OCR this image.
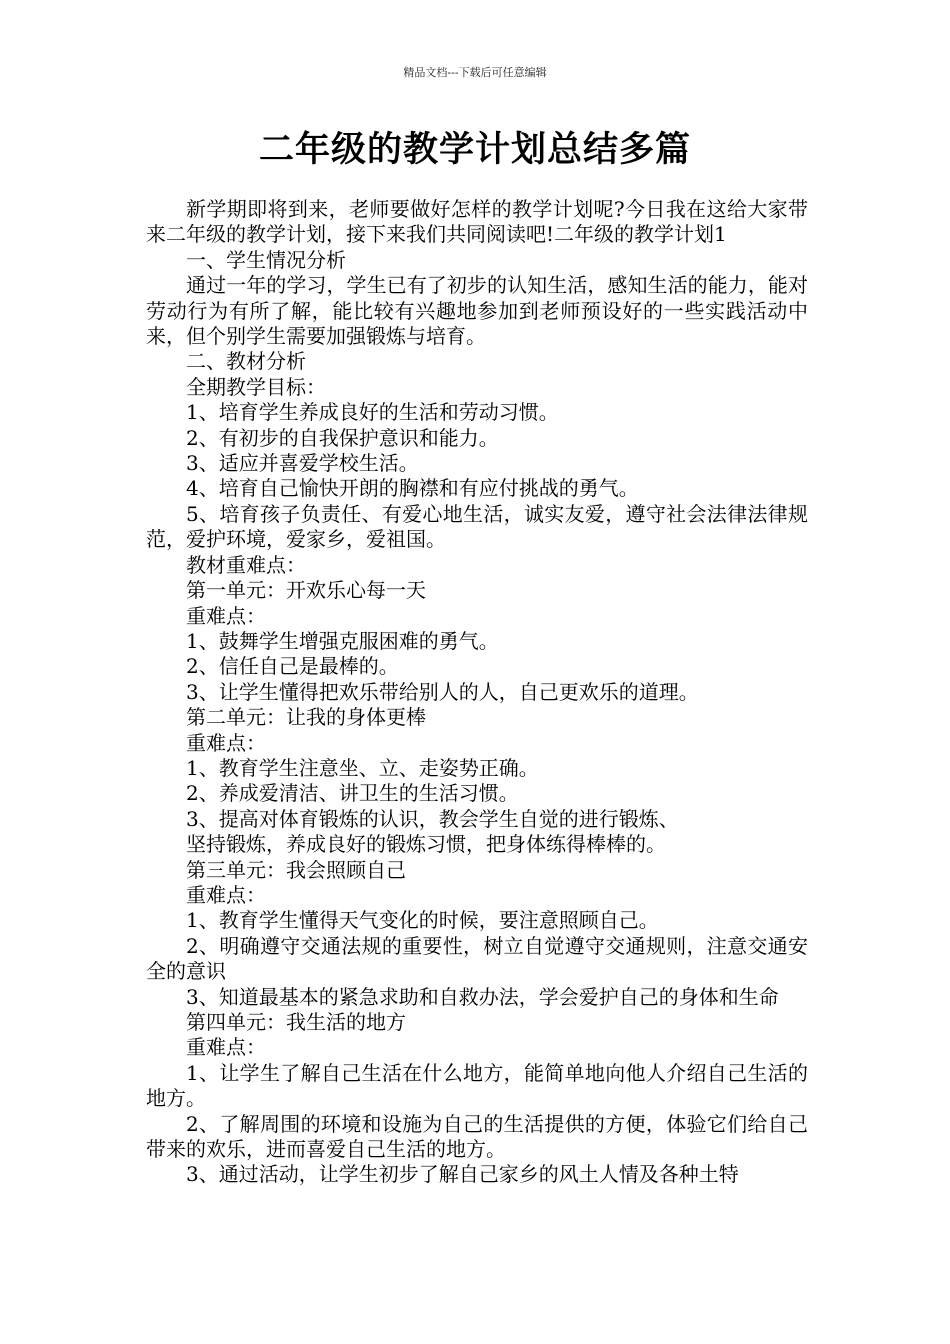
精品文档---下载后可任意编辑
二年级的教学计划总结多篇

新学期即将到来，老师要做好怎样的教学计划呢?今日我在这给大家带来二年级的教学计划，接下来我们共同阅读吧!二年级的教学计划1

一、学生情况分析

通过一年的学习，学生已有了初步的认知生活，感知生活的能力，能对劳动行为有所了解，能比较有兴趣地参加到老师预设好的一些实践活动中来，但个别学生需要加强锻炼与培育。

二、教材分析

全期教学目标：

1、培育学生养成良好的生活和劳动习惯。

2、有初步的自我保护意识和能力。

3、适应并喜爱学校生活。

4、培育自己愉快开朗的胸襟和有应付挑战的勇气。

5、培育孩子负责任、有爱心地生活，诚实友爱，遵守社会法律法律规范，爱护环境，爱家乡，爱祖国。

教材重难点：

第一单元：开欢乐心每一天

重难点：

1、鼓舞学生增强克服困难的勇气。

2、信任自己是最棒的。

3、让学生懂得把欢乐带给别人的人，自己更欢乐的道理。

第二单元：让我的身体更棒

重难点：

1、教育学生注意坐、立、走姿势正确。

2、养成爱清洁、讲卫生的生活习惯。

3、提高对体育锻炼的认识，教会学生自觉的进行锻炼、

坚持锻炼，养成良好的锻炼习惯，把身体练得棒棒的。

第三单元：我会照顾自己

重难点：

1、教育学生懂得天气变化的时候，要注意照顾自己。

2、明确遵守交通法规的重要性，树立自觉遵守交通规则，注意交通安全的意识

3、知道最基本的紧急求助和自救办法，学会爱护自己的身体和生命

第四单元：我生活的地方

重难点：

1、让学生了解自己生活在什么地方，能简单地向他人介绍自己生活的地方。

2、了解周围的环境和设施为自己的生活提供的方便，体验它们给自己带来的欢乐，进而喜爱自己生活的地方。

3、通过活动，让学生初步了解自己家乡的风土人情及各种土特
